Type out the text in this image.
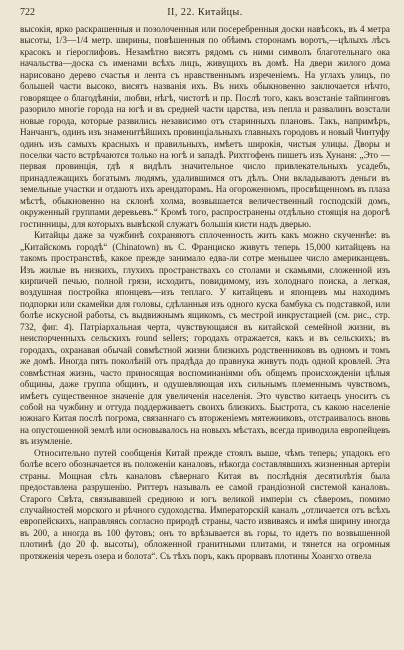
722	II, 22. Китайцы.

высокія, ярко раскрашенныя и позолоченныя или посеребренныя доски навѣсокъ, въ 4 метра высоты, 1/3—1/4 метр. ширины, повѣшенныя по обѣимъ сторонамъ воротъ,—цѣлыхъ лѣсъ красокъ и гіероглифовъ. Незамѣтно висятъ рядомъ съ ними символъ благотельнаго ока начальства—доска съ именами всѣхъ лицъ, живущихъ въ домѣ. На двери жилого дома нарисовано дерево счастья и лента съ нравственнымъ изреченіемъ. На углахъ улицъ, по большей части высоко, висятъ названія ихъ. Въ нихъ обыкновенно заключается нѣчто, говорящее о благодѣяніи, любви, нѣгѣ, чистотѣ и пр. Послѣ того, какъ возстаніе тайпинговъ разорило многіе города на югѣ и въ средней части царства, изъ пепла и развалинъ возстали новые города, которые развились независимо отъ старинныхъ плановъ. Такъ, напримѣръ, Нанчангъ, одинъ изъ знаменитѣйшихъ провинціальныхъ главныхъ городовъ и новый Чинтуфу одинъ изъ самыхъ красныхъ и правильныхъ, имѣетъ широкія, чистыя улицы. Дворы и поселки часто встрѣчаются только на югѣ и западѣ. Рихтгофенъ пишетъ изъ Хунаня: „Это — первая провинція, гдѣ я видѣлъ значительное число привлекательныхъ усадебъ, принадлежащихъ богатымъ людямъ, удалившимся отъ дѣлъ. Они вкладываютъ деньги въ земельные участки и отдаютъ ихъ арендаторамъ. На огороженномъ, просвѣщенномъ въ плаза мѣстѣ, обыкновенно на склонѣ холма, возвышается величественный господскій домъ, окруженный группами деревьевъ.“ Кромѣ того, распространены отдѣльно стоящія на дорогѣ гостинницы, для которыхъ вывѣской служатъ большія кисти надъ дверью.

Китайцы даже за чужбинѣ сохраняютъ сплоченность жить какъ можно скученнѣе: въ „Китайскомъ городѣ“ (Chinatown) въ С. Франциско живутъ теперь 15,000 китайцевъ на такомъ пространствѣ, какое прежде занимало едва-ли сотре меньшее число американцевъ. Изъ жилые въ низкихъ, глухихъ пространствахъ со столами и скамьями, сложенной изъ кирпичей печью, полной грязи, исходитъ, повидимому, изъ холоднаго поиска, а легкая, воздушная постройка японцевъ—изъ теплаго. У китайцевъ и японцевъ мы находимъ подпорки или скамейки для головы, сдѣланныя изъ одного куска бамбука съ подставкой, или болѣе искусной работы, съ выдвижнымъ ящикомъ, съ местрой инкрустацией (см. рис., стр. 732, фиг. 4). Патріархальная черта, чувствующаяся въ китайской семейной жизни, въ неиспорченныхъ сельскихъ round sellers; городахъ отражается, какъ и въ сельскихъ; въ городахъ, охранавая обычай совмѣстной жизни близкихъ родственниковъ въ одномъ и томъ же домѣ. Иногда пять поколѣній отъ прадѣда до правнука живутъ подъ одной кровлей. Эта совмѣстная жизнь, часто приносящая воспоминаніями объ общемъ происхожденіи цѣлыя общины, даже группа общинъ, и одушевляющая ихъ сильнымъ племеннымъ чувствомъ, имѣетъ существенное значеніе для увеличенія населенія. Это чувство китаецъ уноситъ съ собой на чужбину и оттуда поддерживаетъ своихъ близкихъ. Быстрота, съ какою населеніе южнаго Китая послѣ погрома, связаннаго съ вторженіемъ мятежниковъ, отстраивалось вновь на опустошенной землѣ или основывалось на новыхъ мѣстахъ, всегда приводила европейцевъ въ изумленіе.

Относительно путей сообщенія Китай прежде стоялъ выше, чѣмъ теперь; упадокъ его болѣе всего обозначается въ положеніи каналовъ, нѣкогда составлявшихъ жизненныя артеріи страны. Мощная сѣть каналовъ сѣвернаго Китая въ послѣднія десятилѣтія была предоставлена разрушенію. Риттеръ называлъ ее самой грандіозной системой каналовъ. Старого Свѣта, связывавшей среднюю и югъ великой имперіи съ сѣверомъ, помимо случайностей морского и рѣчного судоходства. Императорскій каналъ „отличается отъ всѣхъ европейскихъ, направляясь согласно природѣ страны, часто извиваясь и имѣя ширину иногда въ 200, а иногда въ 100 футовъ; онъ то врѣзывается въ горы, то идетъ по возвышенной плотинѣ (до 20 ф. высоты), обложенной гранитными плитами, и тянется на огромныя протяженія черезъ озера и болота“. Съ тѣхъ поръ, какъ прорвавъ плотины Хоангхо отвела
